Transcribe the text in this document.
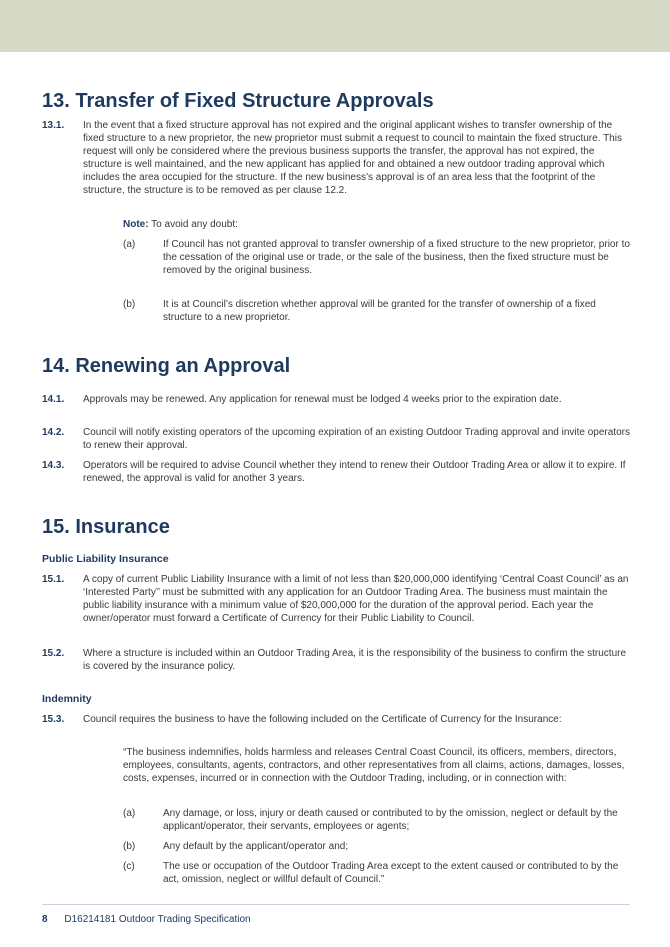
13. Transfer of Fixed Structure Approvals
13.1. In the event that a fixed structure approval has not expired and the original applicant wishes to transfer ownership of the fixed structure to a new proprietor, the new proprietor must submit a request to council to maintain the fixed structure. This request will only be considered where the previous business supports the transfer, the approval has not expired, the structure is well maintained, and the new applicant has applied for and obtained a new outdoor trading approval which includes the area occupied for the structure. If the new business’s approval is of an area less that the footprint of the structure, the structure is to be removed as per clause 12.2.
Note: To avoid any doubt:
(a)	If Council has not granted approval to transfer ownership of a fixed structure to the new proprietor, prior to the cessation of the original use or trade, or the sale of the business, then the fixed structure must be removed by the original business.
(b)	It is at Council’s discretion whether approval will be granted for the transfer of ownership of a fixed structure to a new proprietor.
14. Renewing an Approval
14.1. Approvals may be renewed. Any application for renewal must be lodged 4 weeks prior to the expiration date.
14.2. Council will notify existing operators of the upcoming expiration of an existing Outdoor Trading approval and invite operators to renew their approval.
14.3. Operators will be required to advise Council whether they intend to renew their Outdoor Trading Area or allow it to expire. If renewed, the approval is valid for another 3 years.
15. Insurance
Public Liability Insurance
15.1. A copy of current Public Liability Insurance with a limit of not less than $20,000,000 identifying ‘Central Coast Council’ as an ‘Interested Party’’ must be submitted with any application for an Outdoor Trading Area. The business must maintain the public liability insurance with a minimum value of $20,000,000 for the duration of the approval period. Each year the owner/operator must forward a Certificate of Currency for their Public Liability to Council.
15.2. Where a structure is included within an Outdoor Trading Area, it is the responsibility of the business to confirm the structure is covered by the insurance policy.
Indemnity
15.3. Council requires the business to have the following included on the Certificate of Currency for the Insurance:
“The business indemnifies, holds harmless and releases Central Coast Council, its officers, members, directors, employees, consultants, agents, contractors, and other representatives from all claims, actions, damages, losses, costs, expenses, incurred or in connection with the Outdoor Trading, including, or in connection with:
(a)	Any damage, or loss, injury or death caused or contributed to by the omission, neglect or default by the applicant/operator, their servants, employees or agents;
(b)	Any default by the applicant/operator and;
(c)	The use or occupation of the Outdoor Trading Area except to the extent caused or contributed to by the act, omission, neglect or willful default of Council.”
8 D16214181 Outdoor Trading Specification
